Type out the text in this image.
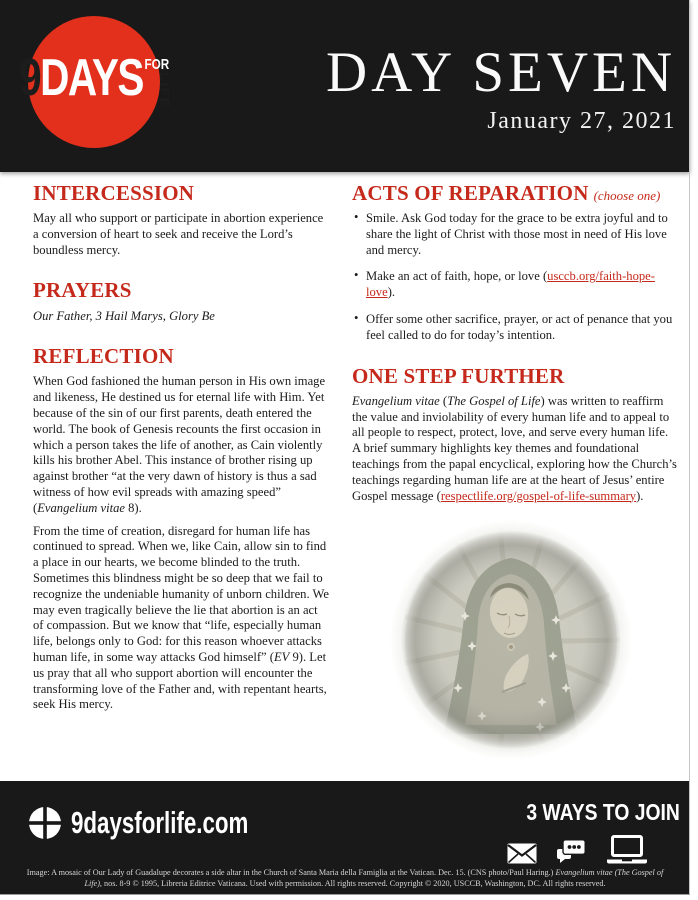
9 DAYS FOR
LIFE	DAY SEVEN
January 27, 2021
INTERCESSION

May all who support or participate in abortion experience a conversion of heart to seek and receive the Lord’s boundless mercy.

PRAYERS

Our Father, 3 Hail Marys, Glory Be

REFLECTION

When God fashioned the human person in His own image and likeness, He destined us for eternal life with Him. Yet because of the sin of our first parents, death entered the world. The book of Genesis recounts the first occasion in which a person takes the life of another, as Cain violently kills his brother Abel. This instance of brother rising up against brother “at the very dawn of history is thus a sad witness of how evil spreads with amazing speed” (Evangelium vitae 8).

From the time of creation, disregard for human life has continued to spread. When we, like Cain, allow sin to find a place in our hearts, we become blinded to the truth. Sometimes this blindness might be so deep that we fail to recognize the undeniable humanity of unborn children. We may even tragically believe the lie that abortion is an act of compassion. But we know that “life, especially human life, belongs only to God: for this reason whoever attacks human life, in some way attacks God himself” (EV 9). Let us pray that all who support abortion will encounter the transforming love of the Father and, with repentant hearts, seek His mercy.

ACTS OF REPARATION (choose one)
• Smile. Ask God today for the grace to be extra joyful and to share the light of Christ with those most in need of His love and mercy.
• Make an act of faith, hope, or love (usccb.org/faith-hope-love).
• Offer some other sacrifice, prayer, or act of penance that you feel called to do for today’s intention.
ONE STEP FURTHER

Evangelium vitae (The Gospel of Life) was written to reaffirm the value and inviolability of every human life and to appeal to all people to respect, protect, love, and serve every human life. A brief summary highlights key themes and foundational teachings from the papal encyclical, exploring how the Church’s teachings regarding human life are at the heart of Jesus’ entire Gospel message (respectlife.org/gospel-of-life-summary).

9daysforlife.com	3 WAYS TO JOIN

Image: A mosaic of Our Lady of Guadalupe decorates a side altar in the Church of Santa Maria della Famiglia at the Vatican. Dec. 15. (CNS photo/Paul Haring.) Evangelium vitae (The Gospel of Life), nos. 8-9 © 1995, Libreria Editrice Vaticana. Used with permission. All rights reserved. Copyright © 2020, USCCB, Washington, DC. All rights reserved.
